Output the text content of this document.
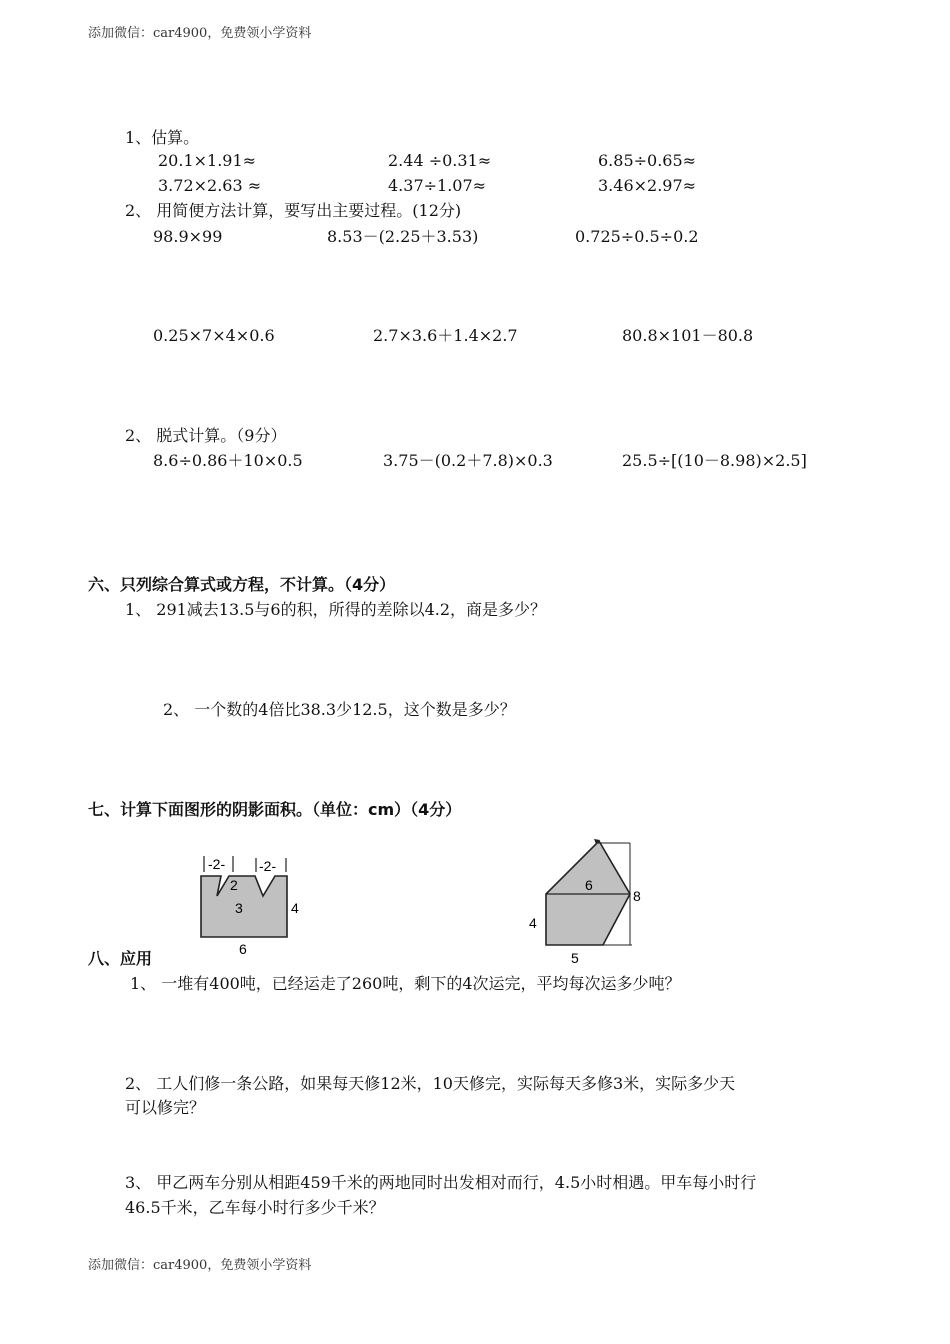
添加微信：car4900，免费领小学资料
1、估算。
20.1×1.91≈	2.44 ÷0.31≈	6.85÷0.65≈
3.72×2.63 ≈	4.37÷1.07≈	3.46×2.97≈
2、 用简便方法计算，要写出主要过程。(12分)
98.9×99	8.53－(2.25＋3.53)	0.725÷0.5÷0.2
0.25×7×4×0.6	2.7×3.6＋1.4×2.7	80.8×101－80.8
2、 脱式计算。（9分）
8.6÷0.86＋10×0.5	3.75－(0.2＋7.8)×0.3	25.5÷[(10－8.98)×2.5]
六、只列综合算式或方程，不计算。（4分）
1、 291减去13.5与6的积，所得的差除以4.2，商是多少？
2、 一个数的4倍比38.3少12.5，这个数是多少？
七、计算下面图形的阴影面积。（单位：cm）（4分）
-2- -2-
2
3	4
6
6
8
4
5
八、应用
1、 一堆有400吨，已经运走了260吨，剩下的4次运完，平均每次运多少吨？
2、 工人们修一条公路，如果每天修12米，10天修完，实际每天多修3米，实际多少天
可以修完？
3、 甲乙两车分别从相距459千米的两地同时出发相对而行，4.5小时相遇。甲车每小时行
46.5千米，乙车每小时行多少千米？
添加微信：car4900，免费领小学资料
